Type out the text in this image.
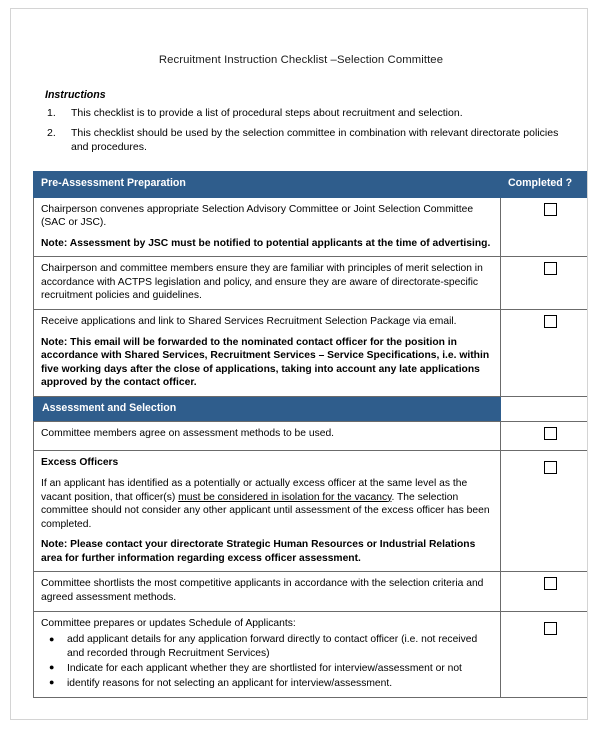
Recruitment Instruction Checklist –Selection Committee
Instructions
1. This checklist is to provide a list of procedural steps about recruitment and selection.
2. This checklist should be used by the selection committee in combination with relevant directorate policies and procedures.
Pre-Assessment Preparation	Completed ?

Chairperson convenes appropriate Selection Advisory Committee or Joint Selection Committee (SAC or JSC).

Note: Assessment by JSC must be notified to potential applicants at the time of advertising.	

Chairperson and committee members ensure they are familiar with principles of merit selection in accordance with ACTPS legislation and policy, and ensure they are aware of directorate-specific recruitment policies and guidelines.	

Receive applications and link to Shared Services Recruitment Selection Package via email.

Note: This email will be forwarded to the nominated contact officer for the position in accordance with Shared Services, Recruitment Services – Service Specifications, i.e. within five working days after the close of applications, taking into account any late applications approved by the contact officer.	

Assessment and Selection	

Committee members agree on assessment methods to be used.	

Excess Officers

If an applicant has identified as a potentially or actually excess officer at the same level as the vacant position, that officer(s) must be considered in isolation for the vacancy. The selection committee should not consider any other applicant until assessment of the excess officer has been completed.

Note: Please contact your directorate Strategic Human Resources or Industrial Relations area for further information regarding excess officer assessment.	

Committee shortlists the most competitive applicants in accordance with the selection criteria and agreed assessment methods.	

Committee prepares or updates Schedule of Applicants:

● add applicant details for any application forward directly to contact officer (i.e. not received and recorded through Recruitment Services)
● Indicate for each applicant whether they are shortlisted for interview/assessment or not
● identify reasons for not selecting an applicant for interview/assessment.
